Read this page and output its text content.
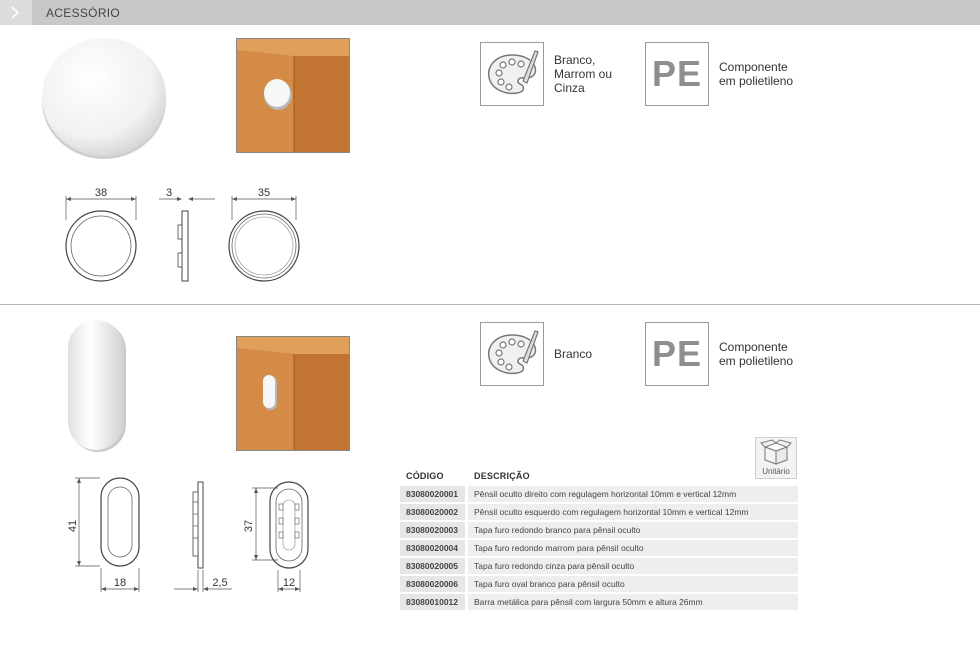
ACESSÓRIO
38	3	35
Branco,
Marrom ou
Cinza	PE	Componente
em polietileno
41
18	2,5
37
12
Branco PE	Componente
em polietileno
Unitário
CÓDIGO	DESCRIÇÃO
83080020001	Pênsil oculto direito com regulagem horizontal 10mm e vertical 12mm
83080020002	Pênsil oculto esquerdo com regulagem horizontal 10mm e vertical 12mm
83080020003	Tapa furo redondo branco para pênsil oculto
83080020004	Tapa furo redondo marrom para pênsil oculto
83080020005	Tapa furo redondo cinza para pênsil oculto
83080020006	Tapa furo oval branco para pênsil oculto
83080010012	Barra metálica para pênsil com largura 50mm e altura 26mm
